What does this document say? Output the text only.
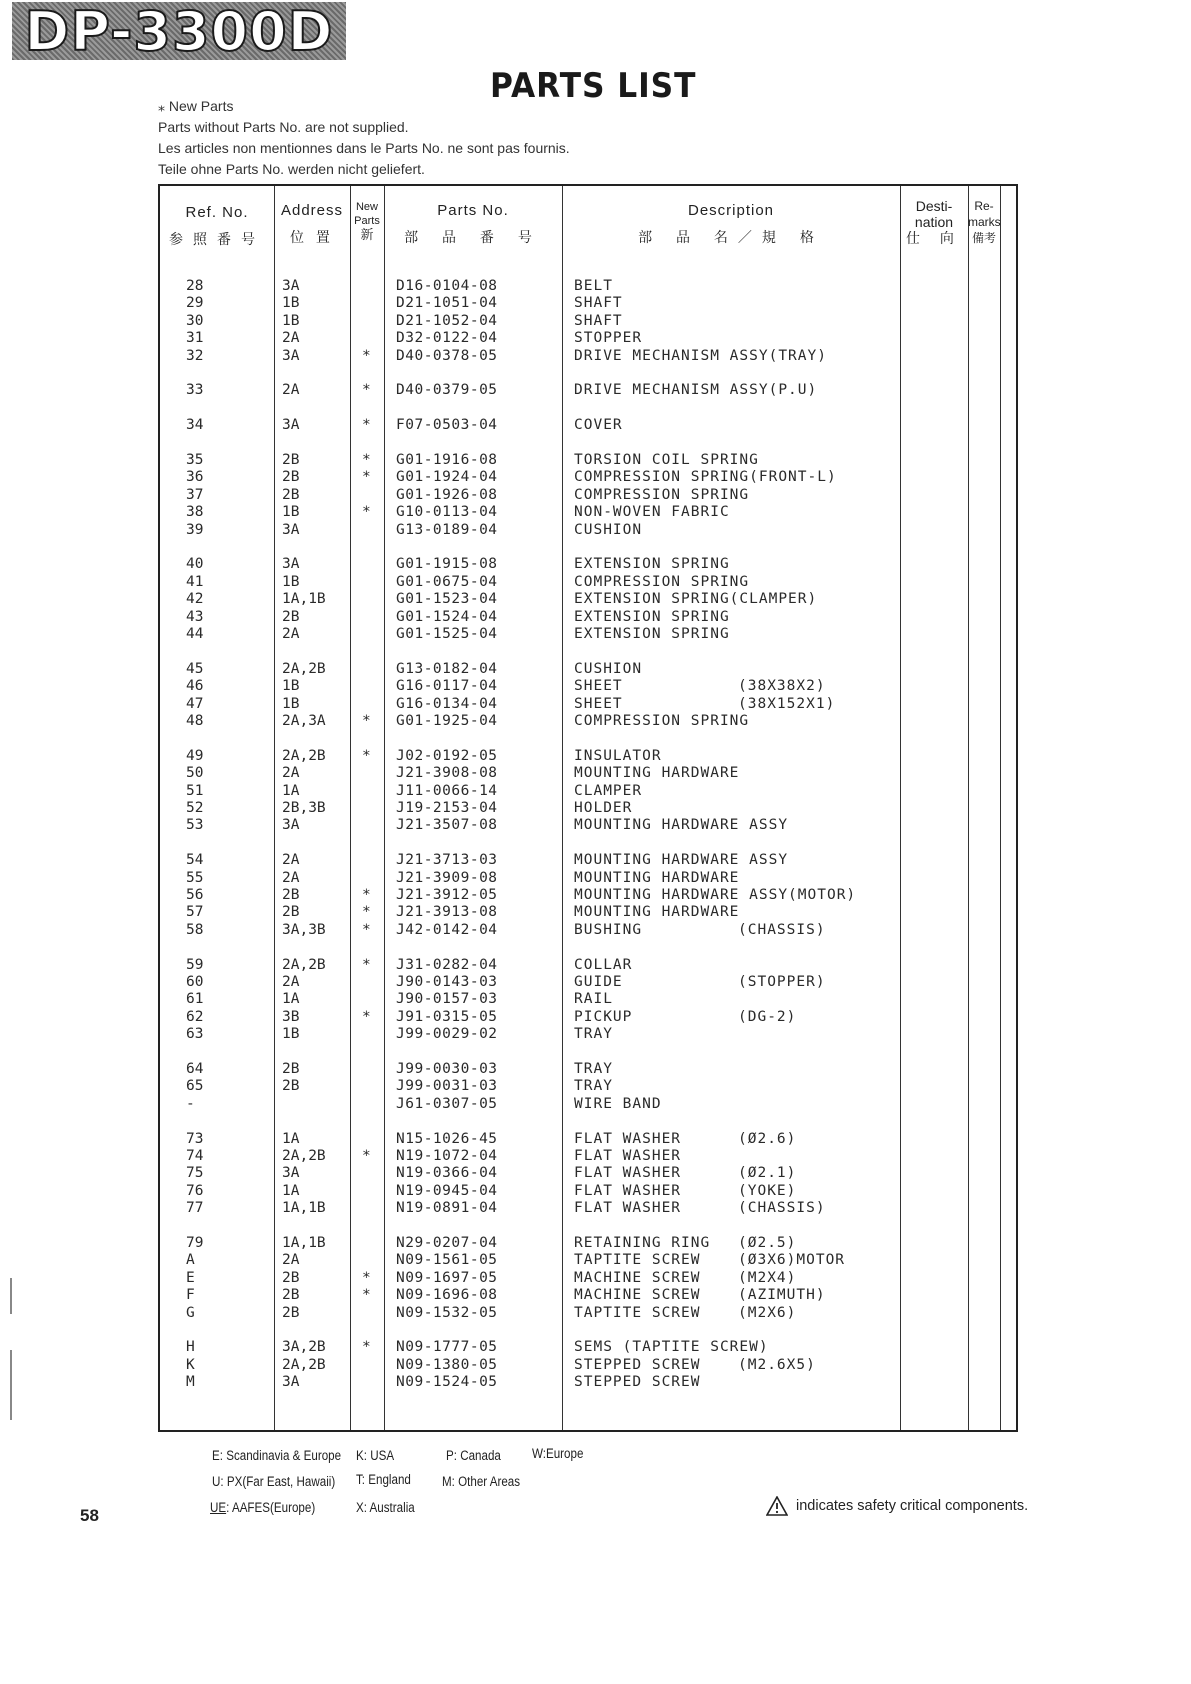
DP-3300D
PARTS LIST
⁎ New Parts
Parts without Parts No. are not supplied.
Les articles non mentionnes dans le Parts No. ne sont pas fournis.
Teile ohne Parts No. werden nicht geliefert.
Ref. No.
参照番号
Address
位 置
New
Parts
新
Parts No.
部 品 番 号
Description
部 品 名／規 格
Desti-
nation
仕 向
Re-
marks
備考
28	3A	D16-0104-08	BELT
29	1B	D21-1051-04	SHAFT
30	1B	D21-1052-04	SHAFT
31	2A	D32-0122-04	STOPPER
32	3A	* D40-0378-05	DRIVE MECHANISM ASSY(TRAY)
33	2A	* D40-0379-05	DRIVE MECHANISM ASSY(P.U)
34	3A	* F07-0503-04	COVER
35	2B	* G01-1916-08	TORSION COIL SPRING
36	2B	* G01-1924-04	COMPRESSION SPRING(FRONT-L)
37	2B	G01-1926-08	COMPRESSION SPRING
38	1B	* G10-0113-04	NON-WOVEN FABRIC
39	3A	G13-0189-04	CUSHION
40	3A	G01-1915-08	EXTENSION SPRING
41	1B	G01-0675-04	COMPRESSION SPRING
42	1A,1B	G01-1523-04	EXTENSION SPRING(CLAMPER)
43	2B	G01-1524-04	EXTENSION SPRING
44	2A	G01-1525-04	EXTENSION SPRING
45	2A,2B	G13-0182-04	CUSHION
46	1B	G16-0117-04	SHEET	(38X38X2)
47	1B	G16-0134-04	SHEET	(38X152X1)
48	2A,3A	* G01-1925-04	COMPRESSION SPRING
49	2A,2B	* J02-0192-05	INSULATOR
50	2A	J21-3908-08	MOUNTING HARDWARE
51	1A	J11-0066-14	CLAMPER
52	2B,3B	J19-2153-04	HOLDER
53	3A	J21-3507-08	MOUNTING HARDWARE ASSY
54	2A	J21-3713-03	MOUNTING HARDWARE ASSY
55	2A	J21-3909-08	MOUNTING HARDWARE
56	2B	* J21-3912-05	MOUNTING HARDWARE ASSY(MOTOR)
57	2B	* J21-3913-08	MOUNTING HARDWARE
58	3A,3B	* J42-0142-04	BUSHING	(CHASSIS)
59	2A,2B	* J31-0282-04	COLLAR
60	2A	J90-0143-03	GUIDE	(STOPPER)
61	1A	J90-0157-03	RAIL
62	3B	* J91-0315-05	PICKUP	(DG-2)
63	1B	J99-0029-02	TRAY
64	2B	J99-0030-03	TRAY
65	2B	J99-0031-03	TRAY
-	J61-0307-05	WIRE BAND
73	1A	N15-1026-45	FLAT WASHER	(Ø2.6)
74	2A,2B	* N19-1072-04	FLAT WASHER
75	3A	N19-0366-04	FLAT WASHER	(Ø2.1)
76	1A	N19-0945-04	FLAT WASHER	(YOKE)
77	1A,1B	N19-0891-04	FLAT WASHER	(CHASSIS)
79	1A,1B	N29-0207-04	RETAINING RING (Ø2.5)
A	2A	N09-1561-05	TAPTITE SCREW	(Ø3X6)MOTOR
E	2B	* N09-1697-05	MACHINE SCREW	(M2X4)
F	2B	* N09-1696-08	MACHINE SCREW	(AZIMUTH)
G	2B	N09-1532-05	TAPTITE SCREW	(M2X6)
H	3A,2B	* N09-1777-05	SEMS (TAPTITE SCREW)
K	2A,2B	N09-1380-05	STEPPED SCREW	(M2.6X5)
M	3A	N09-1524-05	STEPPED SCREW
E: Scandinavia & Europe K: USA	P: Canada W:Europe
U: PX(Far East, Hawaii) T: England M: Other Areas
UE: AAFES(Europe)	X: Australia
58	indicates safety critical components.
